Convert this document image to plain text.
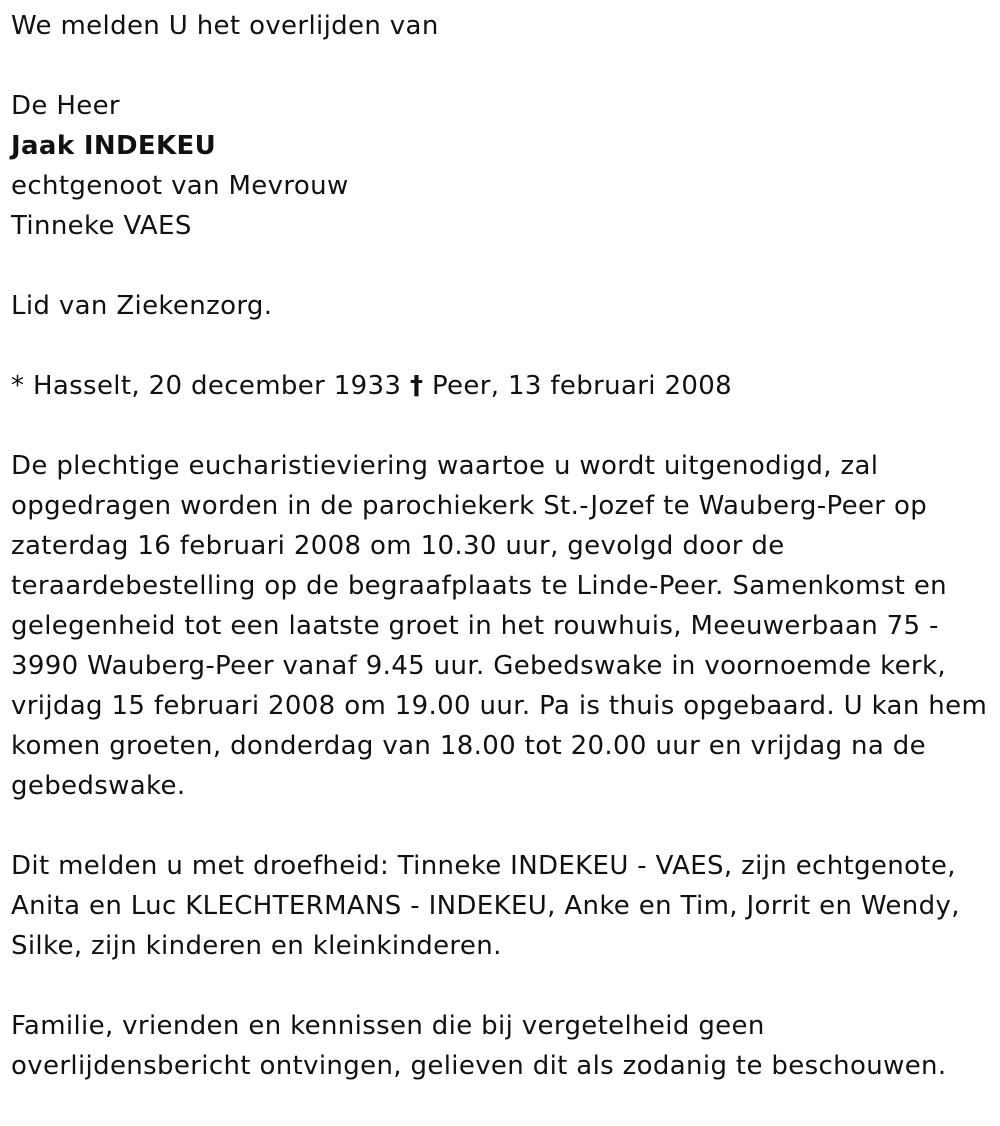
We melden U het overlijden van
De Heer
Jaak INDEKEU
echtgenoot van Mevrouw
Tinneke VAES
Lid van Ziekenzorg.
* Hasselt, 20 december 1933 † Peer, 13 februari 2008
De plechtige eucharistieviering waartoe u wordt uitgenodigd, zal
opgedragen worden in de parochiekerk St.-Jozef te Wauberg-Peer op
zaterdag 16 februari 2008 om 10.30 uur, gevolgd door de
teraardebestelling op de begraafplaats te Linde-Peer. Samenkomst en
gelegenheid tot een laatste groet in het rouwhuis, Meeuwerbaan 75 -
3990 Wauberg-Peer vanaf 9.45 uur. Gebedswake in voornoemde kerk,
vrijdag 15 februari 2008 om 19.00 uur. Pa is thuis opgebaard. U kan hem
komen groeten, donderdag van 18.00 tot 20.00 uur en vrijdag na de
gebedswake.
Dit melden u met droefheid: Tinneke INDEKEU - VAES, zijn echtgenote,
Anita en Luc KLECHTERMANS - INDEKEU, Anke en Tim, Jorrit en Wendy,
Silke, zijn kinderen en kleinkinderen.
Familie, vrienden en kennissen die bij vergetelheid geen
overlijdensbericht ontvingen, gelieven dit als zodanig te beschouwen.
